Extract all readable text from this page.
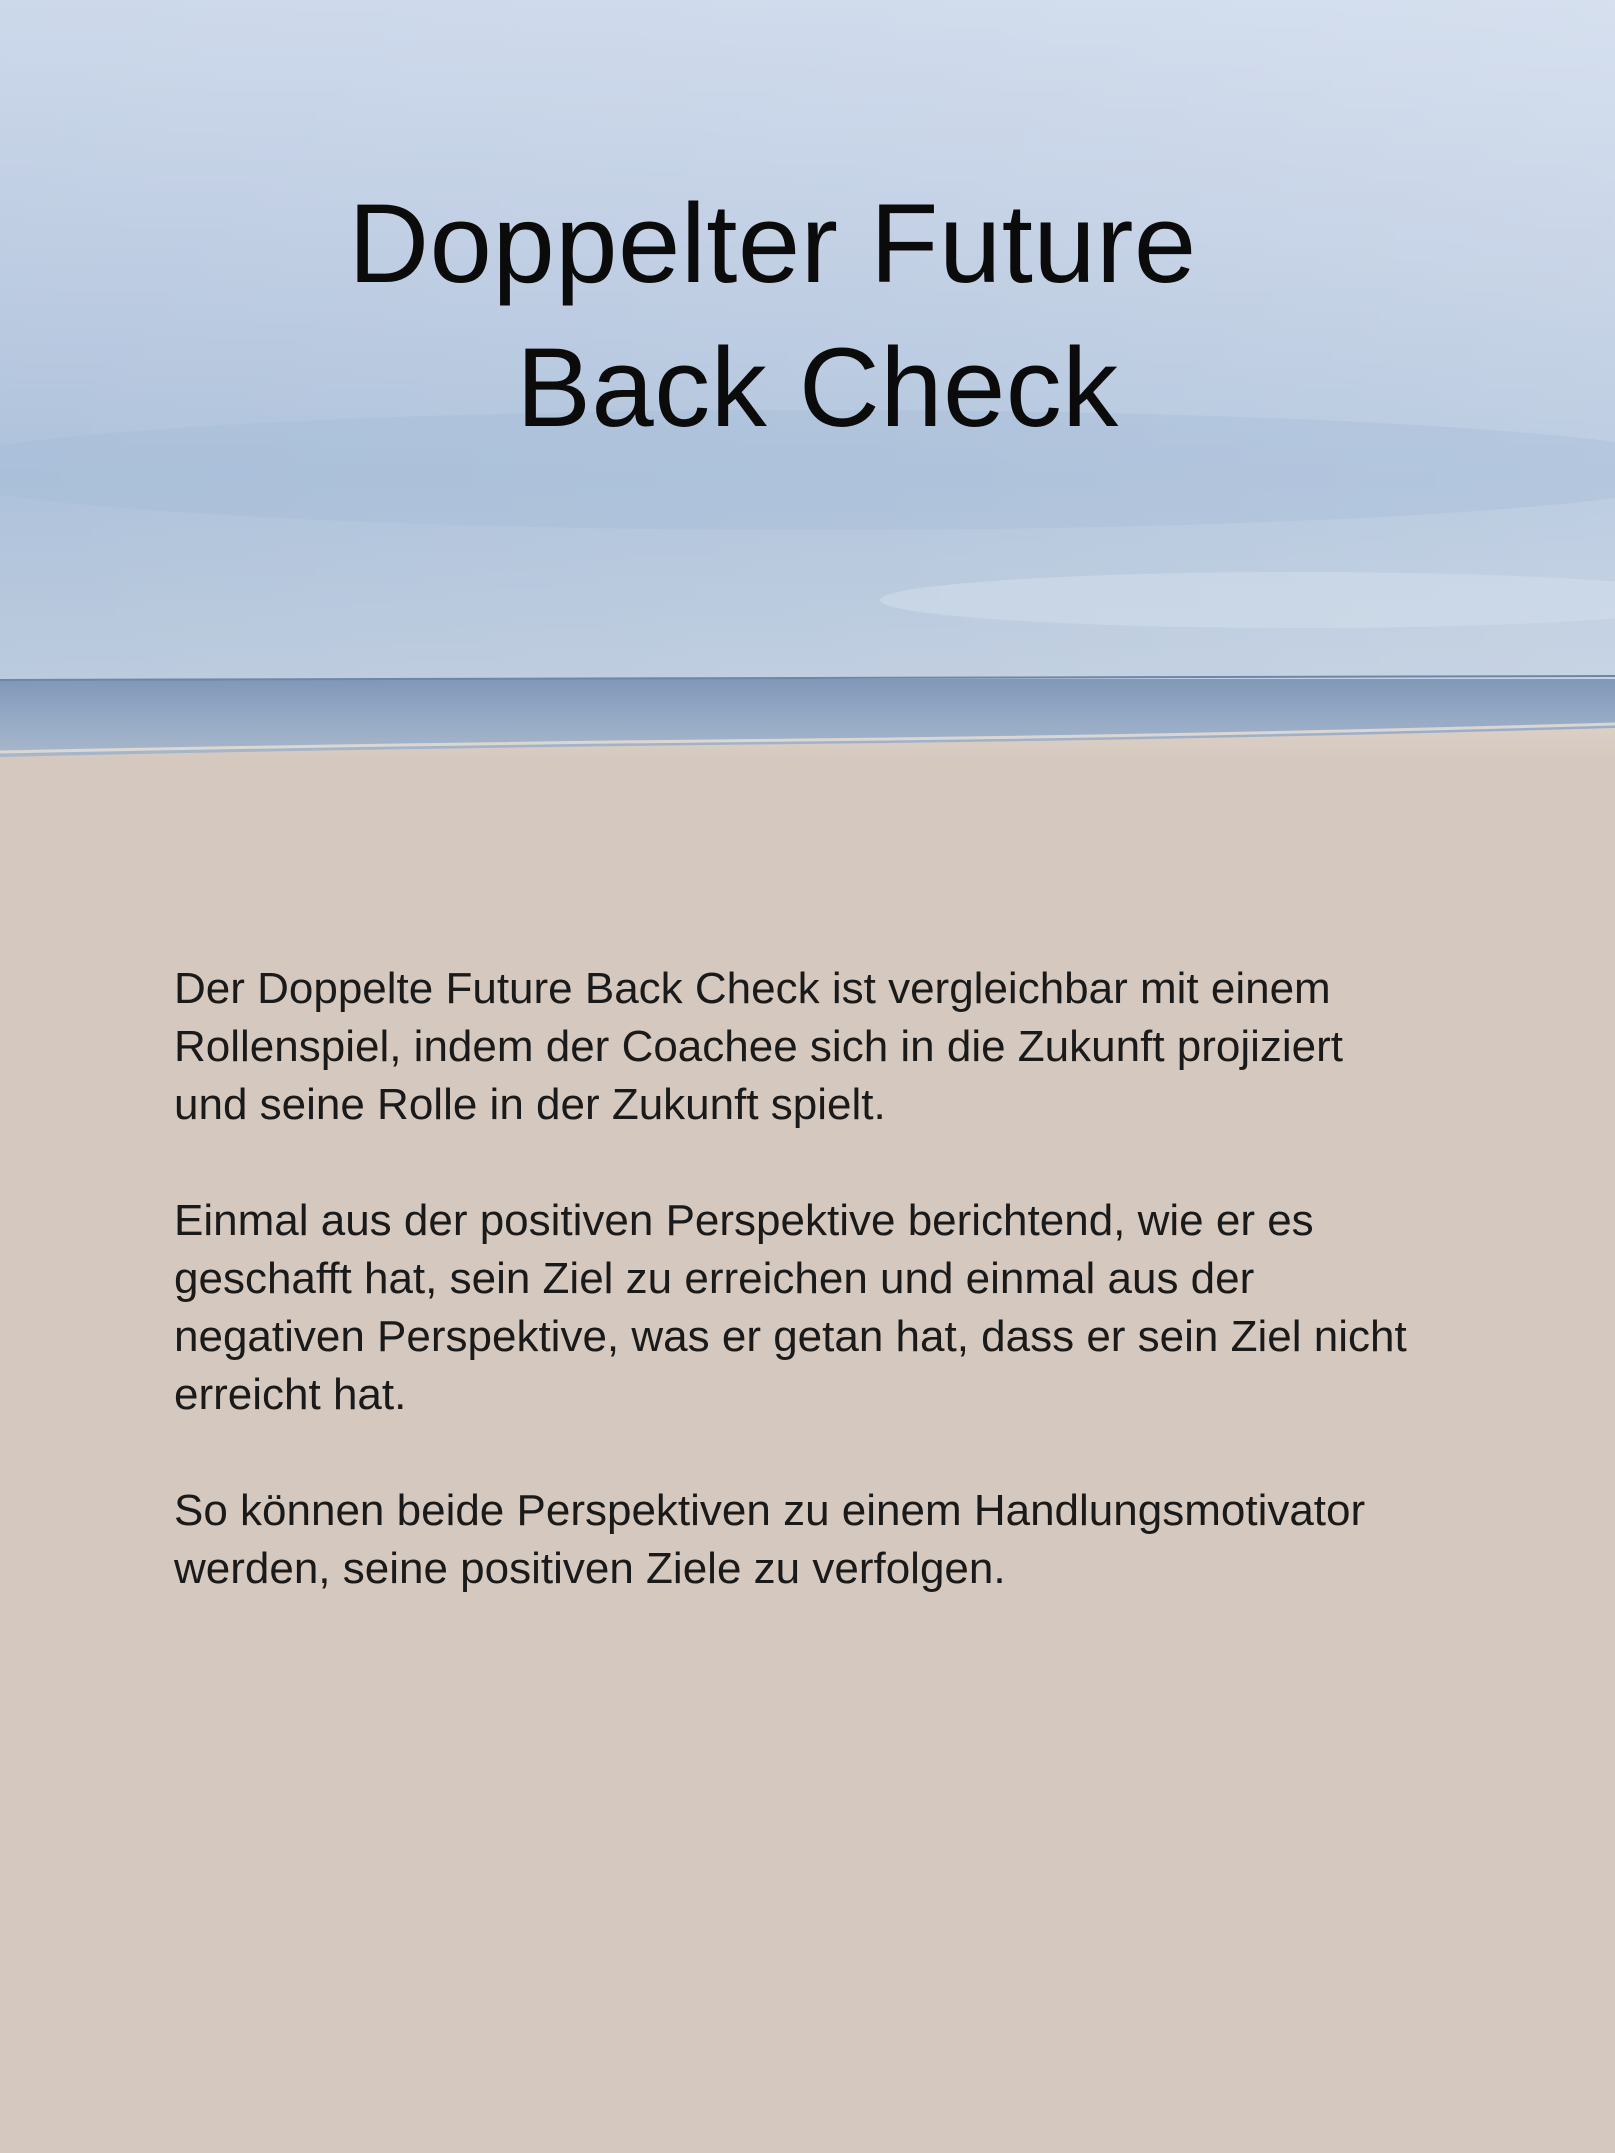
Doppelter Future
Back Check

Der Doppelte Future Back Check ist vergleichbar mit einem
Rollenspiel, indem der Coachee sich in die Zukunft projiziert
und seine Rolle in der Zukunft spielt.

Einmal aus der positiven Perspektive berichtend, wie er es
geschafft hat, sein Ziel zu erreichen und einmal aus der
negativen Perspektive, was er getan hat, dass er sein Ziel nicht
erreicht hat.

So können beide Perspektiven zu einem Handlungsmotivator
werden, seine positiven Ziele zu verfolgen.
